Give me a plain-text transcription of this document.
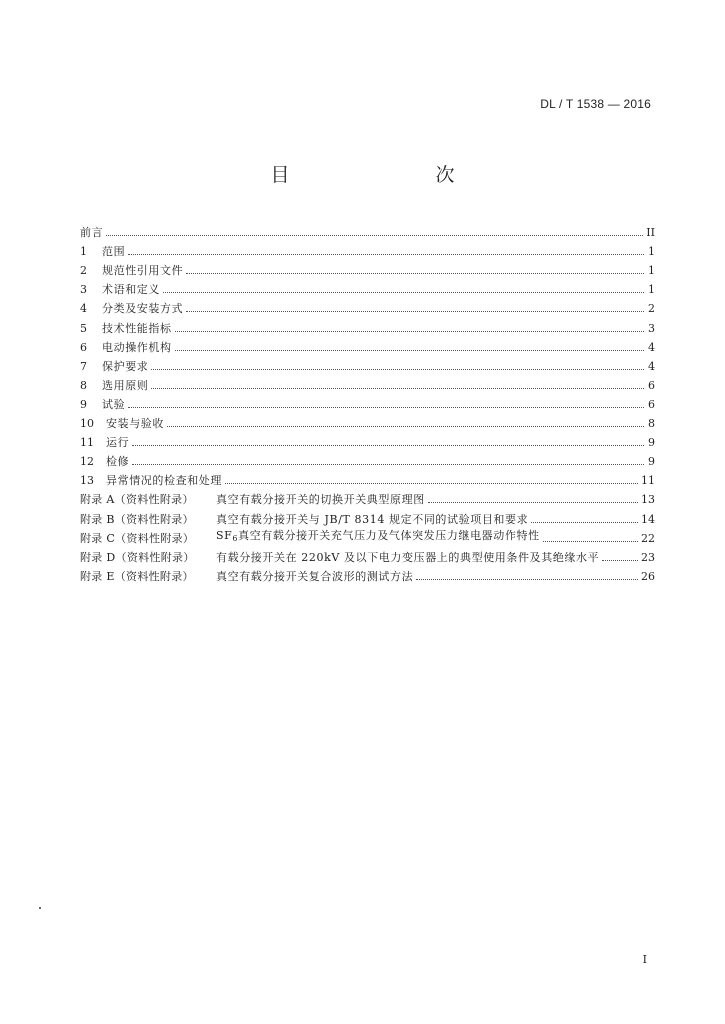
DL / T 1538 — 2016
目　　次
前言	II
1	范围	1
2	规范性引用文件	1
3	术语和定义	1
4	分类及安装方式	2
5	技术性能指标	3
6	电动操作机构	4
7	保护要求	4
8	选用原则	6
9	试验	6
10	安装与验收	8
11	运行	9
12	检修	9
13	异常情况的检查和处理	11
附录 A（资料性附录）	真空有载分接开关的切换开关典型原理图	13
附录 B（资料性附录）	真空有载分接开关与 JB/T 8314 规定不同的试验项目和要求	14
附录 C（资料性附录）	$SF_6$真空有载分接开关充气压力及气体突发压力继电器动作特性	22
附录 D（资料性附录）	有载分接开关在 220kV 及以下电力变压器上的典型使用条件及其绝缘水平	23
附录 E（资料性附录）	真空有载分接开关复合波形的测试方法	26
I
